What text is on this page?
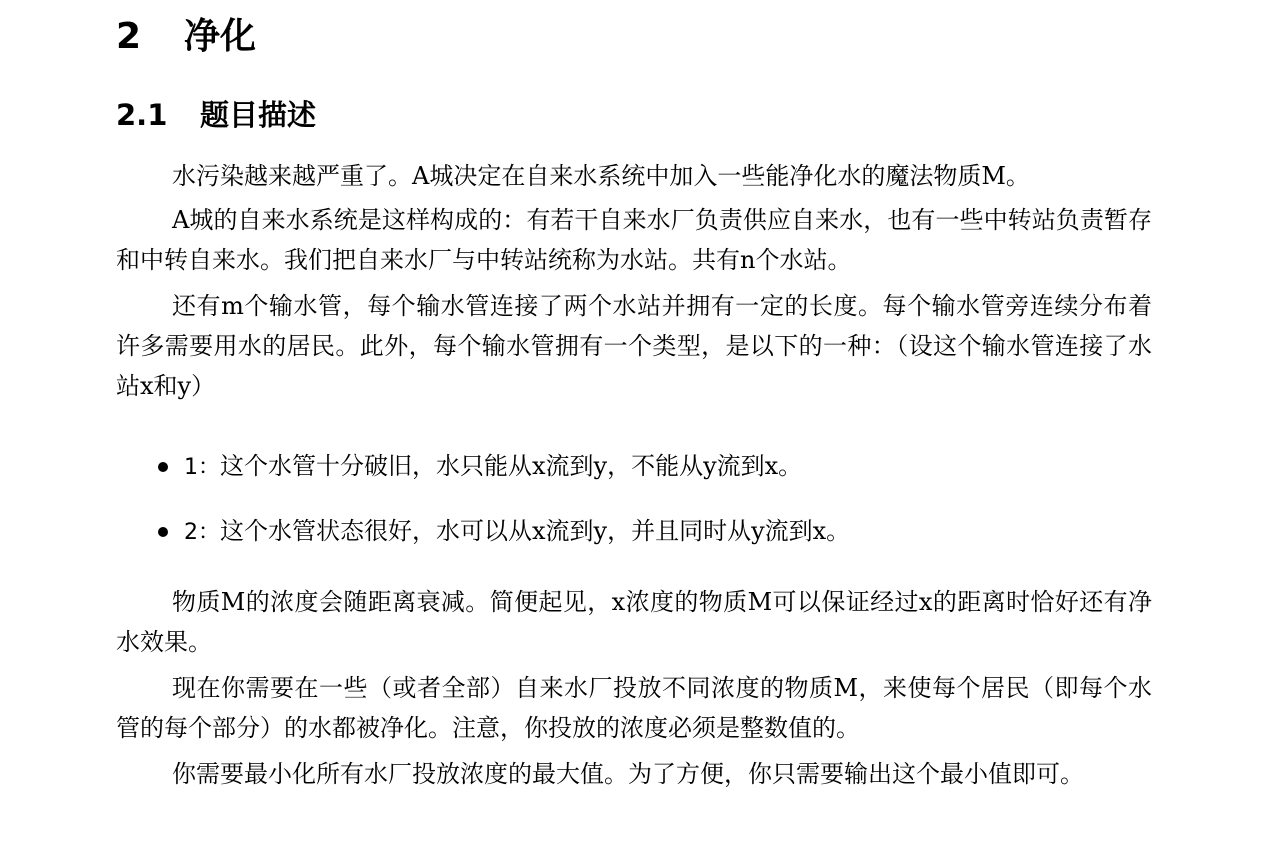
2 净化
2.1 题目描述

水污染越来越严重了。A城决定在自来水系统中加入一些能净化水的魔法物质M。

A城的自来水系统是这样构成的：有若干自来水厂负责供应自来水，也有一些中转站负责暂存和中转自来水。我们把自来水厂与中转站统称为水站。共有n个水站。

还有m个输水管，每个输水管连接了两个水站并拥有一定的长度。每个输水管旁连续分布着许多需要用水的居民。此外，每个输水管拥有一个类型，是以下的一种：（设这个输水管连接了水站x和y）

1：这个水管十分破旧，水只能从x流到y，不能从y流到x。
2：这个水管状态很好，水可以从x流到y，并且同时从y流到x。

物质M的浓度会随距离衰减。简便起见，x浓度的物质M可以保证经过x的距离时恰好还有净水效果。

现在你需要在一些（或者全部）自来水厂投放不同浓度的物质M，来使每个居民（即每个水管的每个部分）的水都被净化。注意，你投放的浓度必须是整数值的。

你需要最小化所有水厂投放浓度的最大值。为了方便，你只需要输出这个最小值即可。
